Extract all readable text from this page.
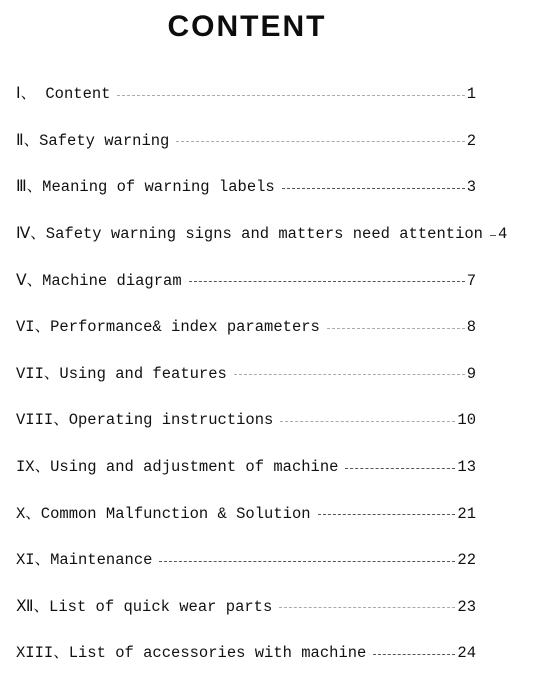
CONTENT
Ⅰ、 Content	1
Ⅱ、Safety warning	2
Ⅲ、Meaning of warning labels	3
Ⅳ、Safety warning signs and matters need attention 4
Ⅴ、Machine diagram	7
VI、Performance& index parameters	8
VII、Using and features	9
VIII、Operating instructions	10
IX、Using and adjustment of machine	13
X、Common Malfunction & Solution	21
XI、Maintenance	22
Ⅻ、List of quick wear parts	23
XIII、List of accessories with machine	24
